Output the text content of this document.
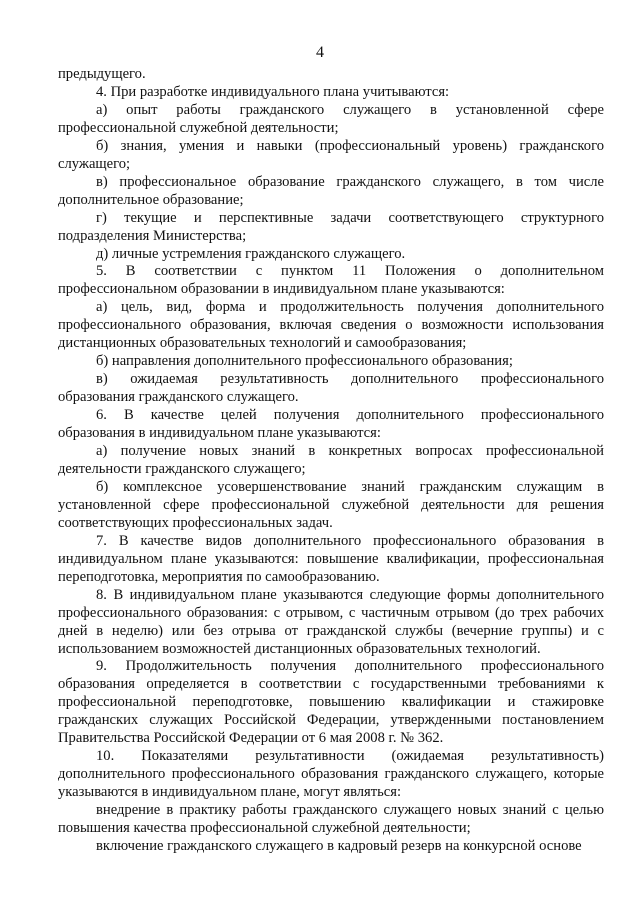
4

предыдущего.

4. При разработке индивидуального плана учитываются:

а) опыт работы гражданского служащего в установленной сфере профессиональной служебной деятельности;

б) знания, умения и навыки (профессиональный уровень) гражданского служащего;

в) профессиональное образование гражданского служащего, в том числе дополнительное образование;

г) текущие и перспективные задачи соответствующего структурного подразделения Министерства;

д) личные устремления гражданского служащего.

5. В соответствии с пунктом 11 Положения о дополнительном профессиональном образовании в индивидуальном плане указываются:

а) цель, вид, форма и продолжительность получения дополнительного профессионального образования, включая сведения о возможности использования дистанционных образовательных технологий и самообразования;

б) направления дополнительного профессионального образования;

в) ожидаемая результативность дополнительного профессионального образования гражданского служащего.

6. В качестве целей получения дополнительного профессионального образования в индивидуальном плане указываются:

а) получение новых знаний в конкретных вопросах профессиональной деятельности гражданского служащего;

б) комплексное усовершенствование знаний гражданским служащим в установленной сфере профессиональной служебной деятельности для решения соответствующих профессиональных задач.

7. В качестве видов дополнительного профессионального образования в индивидуальном плане указываются: повышение квалификации, профессиональная переподготовка, мероприятия по самообразованию.

8. В индивидуальном плане указываются следующие формы дополнительного профессионального образования: с отрывом, с частичным отрывом (до трех рабочих дней в неделю) или без отрыва от гражданской службы (вечерние группы) и с использованием возможностей дистанционных образовательных технологий.

9. Продолжительность получения дополнительного профессионального образования определяется в соответствии с государственными требованиями к профессиональной переподготовке, повышению квалификации и стажировке гражданских служащих Российской Федерации, утвержденными постановлением Правительства Российской Федерации от 6 мая 2008 г. № 362.

10. Показателями результативности (ожидаемая результативность) дополнительного профессионального образования гражданского служащего, которые указываются в индивидуальном плане, могут являться:

внедрение в практику работы гражданского служащего новых знаний с целью повышения качества профессиональной служебной деятельности;

включение гражданского служащего в кадровый резерв на конкурсной основе
